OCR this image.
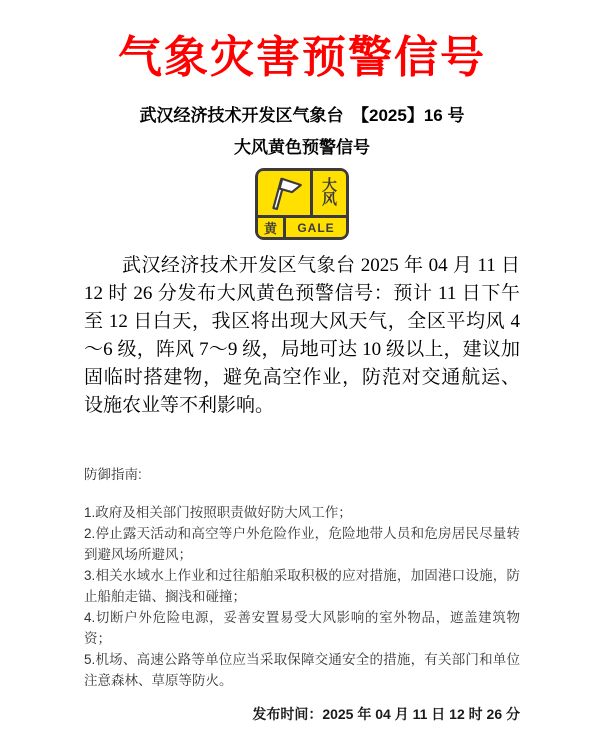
气象灾害预警信号
武汉经济技术开发区气象台　【2025】16 号
大风黄色预警信号
大
风
黄	GALE
武汉经济技术开发区气象台 2025 年 04 月 11 日 12 时 26 分发布大风黄色预警信号：预计 11 日下午至 12 日白天，我区将出现大风天气，全区平均风 4～6 级，阵风 7～9 级，局地可达 10 级以上，建议加固临时搭建物，避免高空作业，防范对交通航运、设施农业等不利影响。
防御指南:
1.政府及相关部门按照职责做好防大风工作；
2.停止露天活动和高空等户外危险作业，危险地带人员和危房居民尽量转到避风场所避风；
3.相关水域水上作业和过往船舶采取积极的应对措施，加固港口设施，防止船舶走锚、搁浅和碰撞；
4.切断户外危险电源，妥善安置易受大风影响的室外物品，遮盖建筑物资；
5.机场、高速公路等单位应当采取保障交通安全的措施，有关部门和单位注意森林、草原等防火。
发布时间：2025 年 04 月 11 日 12 时 26 分
